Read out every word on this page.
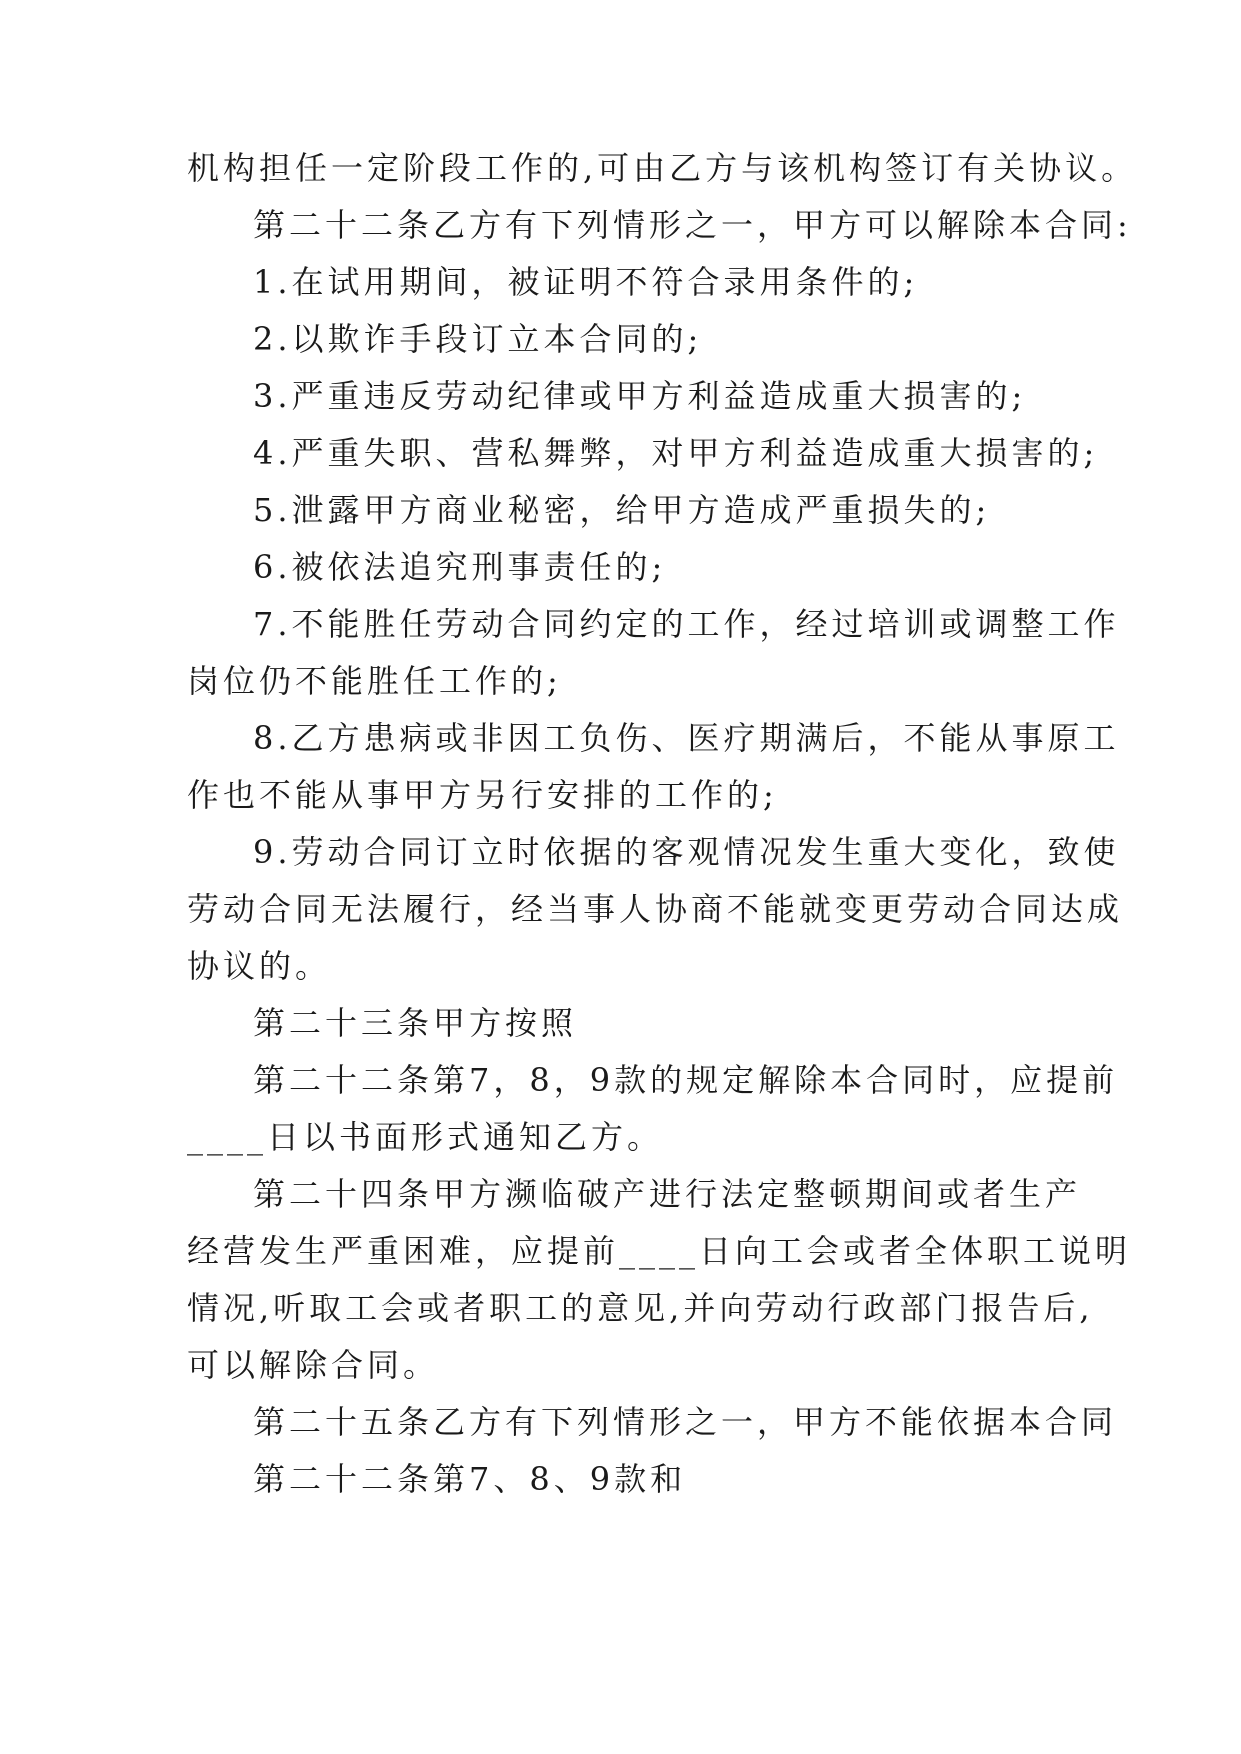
机构担任一定阶段工作的,可由乙方与该机构签订有关协议。
第二十二条乙方有下列情形之一，甲方可以解除本合同:
1.在试用期间，被证明不符合录用条件的;
2.以欺诈手段订立本合同的;
3.严重违反劳动纪律或甲方利益造成重大损害的;
4.严重失职、营私舞弊，对甲方利益造成重大损害的;
5.泄露甲方商业秘密，给甲方造成严重损失的;
6.被依法追究刑事责任的;
7.不能胜任劳动合同约定的工作，经过培训或调整工作
岗位仍不能胜任工作的;
8.乙方患病或非因工负伤、医疗期满后，不能从事原工
作也不能从事甲方另行安排的工作的;
9.劳动合同订立时依据的客观情况发生重大变化，致使
劳动合同无法履行，经当事人协商不能就变更劳动合同达成
协议的。
第二十三条甲方按照
第二十二条第7，8，9款的规定解除本合同时，应提前
____日以书面形式通知乙方。
第二十四条甲方濒临破产进行法定整顿期间或者生产
经营发生严重困难，应提前____日向工会或者全体职工说明
情况,听取工会或者职工的意见,并向劳动行政部门报告后,
可以解除合同。
第二十五条乙方有下列情形之一，甲方不能依据本合同
第二十二条第7、8、9款和
